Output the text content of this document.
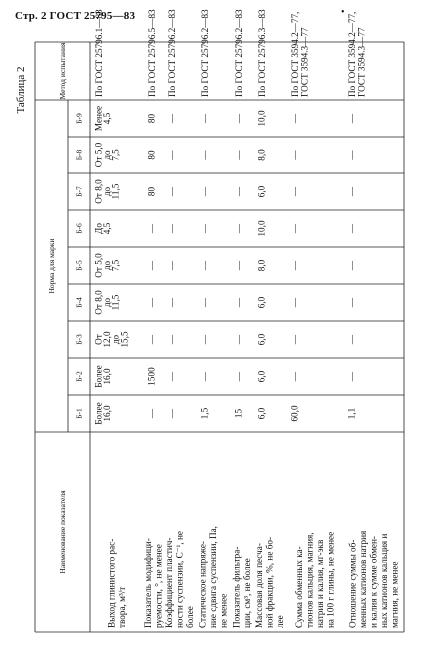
Стр. 2 ГОСТ 25795—83	•
Таблица 2
Наименование показателя
Норма для марки
Метод испытания
Б-1
Б-2
Б-3
Б-4
Б-5
Б-6
Б-7
Б-8
Б-9
Выход глинистого рас- твора, м³/т
Более
16,0
Более
16,0
От
12,0
до
15,5
От 8,0
до
11,5
От 5,0
до
7,5
До
4,5
От 8,0
до
11,5
От 5,0
до
7,5
Менее
4,5
По ГОСТ 25796.1—83
Показатель модифици- руемости, °, не менее
—
1500
—
—
—
—
80
80
80
По ГОСТ 25796.5—83
Коэффициент пластич- ности суспензии, С⁻¹, не более
—
—
—
—
—
—
—
—
—
По ГОСТ 25796.2—83
Статическое напряже- ние сдвига суспензии, Па, не менее
1,5
—
—
—
—
—
—
—
—
По ГОСТ 25796.2—83
Показатель фильтра- ции, см³, не более
15
—
—
—
—
—
—
—
—
По ГОСТ 25796.2—83
Массовая доля песча- ной фракции, %, не бо- лее
6,0
6,0
6,0
6,0
8,0
10,0
6,0
8,0
10,0
По ГОСТ 25796.3—83
Сумма обменных ка- тионов кальция, магния, натрия и калия, мг-экв на 100 г глины, не менее
60,0
—
—
—
—
—
—
—
—
По ГОСТ 3594.2—77, ГОСТ 3594.3—77
Отношение суммы об- менных катионов натрия и калия к сумме обмен- ных катионов кальция и магния, не менее
1,1
—
—
—
—
—
—
—
—
По ГОСТ 3594.2—77, ГОСТ 3594.3—77
